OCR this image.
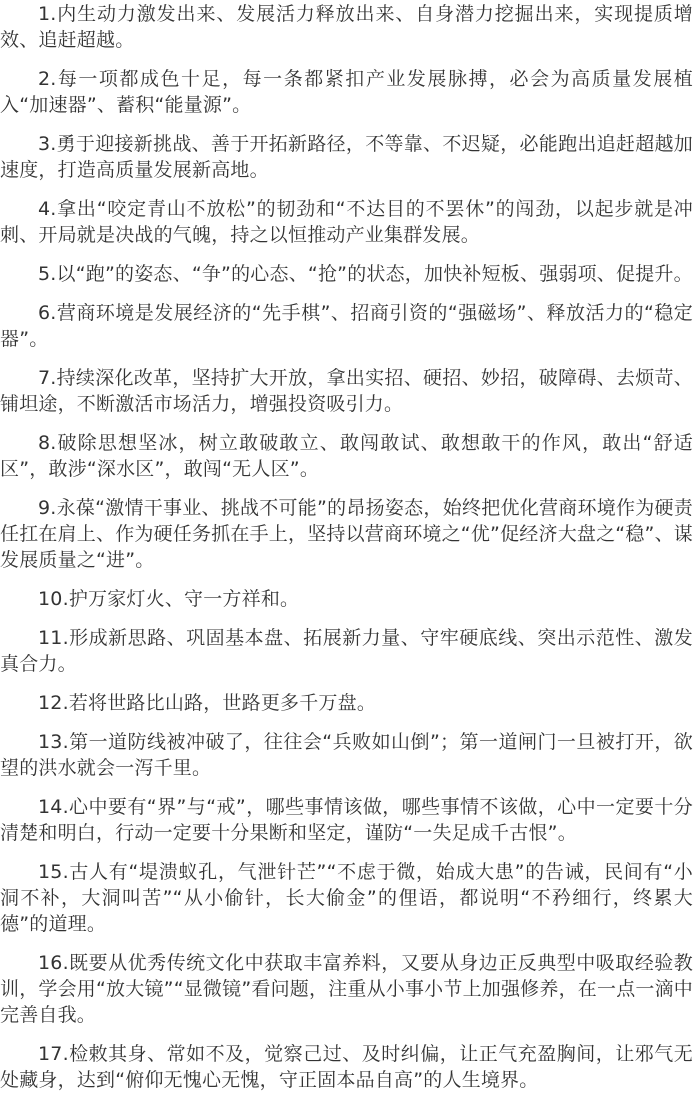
1.内生动力激发出来、发展活力释放出来、自身潜力挖掘出来，实现提质增效、追赶超越。

2.每一项都成色十足，每一条都紧扣产业发展脉搏，必会为高质量发展植入“加速器”、蓄积“能量源”。

3.勇于迎接新挑战、善于开拓新路径，不等靠、不迟疑，必能跑出追赶超越加速度，打造高质量发展新高地。

4.拿出“咬定青山不放松”的韧劲和“不达目的不罢休”的闯劲，以起步就是冲刺、开局就是决战的气魄，持之以恒推动产业集群发展。

5.以“跑”的姿态、“争”的心态、“抢”的状态，加快补短板、强弱项、促提升。

6.营商环境是发展经济的“先手棋”、招商引资的“强磁场”、释放活力的“稳定器”。

7.持续深化改革，坚持扩大开放，拿出实招、硬招、妙招，破障碍、去烦苛、铺坦途，不断激活市场活力，增强投资吸引力。

8.破除思想坚冰，树立敢破敢立、敢闯敢试、敢想敢干的作风，敢出“舒适区”，敢涉“深水区”，敢闯“无人区”。

9.永葆“激情干事业、挑战不可能”的昂扬姿态，始终把优化营商环境作为硬责任扛在肩上、作为硬任务抓在手上，坚持以营商环境之“优”促经济大盘之“稳”、谋发展质量之“进”。

10.护万家灯火、守一方祥和。

11.形成新思路、巩固基本盘、拓展新力量、守牢硬底线、突出示范性、激发真合力。

12.若将世路比山路，世路更多千万盘。

13.第一道防线被冲破了，往往会“兵败如山倒”；第一道闸门一旦被打开，欲望的洪水就会一泻千里。

14.心中要有“界”与“戒”，哪些事情该做，哪些事情不该做，心中一定要十分清楚和明白，行动一定要十分果断和坚定，谨防“一失足成千古恨”。

15.古人有“堤溃蚁孔，气泄针芒”“不虑于微，始成大患”的告诫，民间有“小洞不补，大洞叫苦”“从小偷针，长大偷金”的俚语，都说明“不矜细行，终累大德”的道理。

16.既要从优秀传统文化中获取丰富养料，又要从身边正反典型中吸取经验教训，学会用“放大镜”“显微镜”看问题，注重从小事小节上加强修养，在一点一滴中完善自我。

17.检敕其身、常如不及，觉察己过、及时纠偏，让正气充盈胸间，让邪气无处藏身，达到“俯仰无愧心无愧，守正固本品自高”的人生境界。
